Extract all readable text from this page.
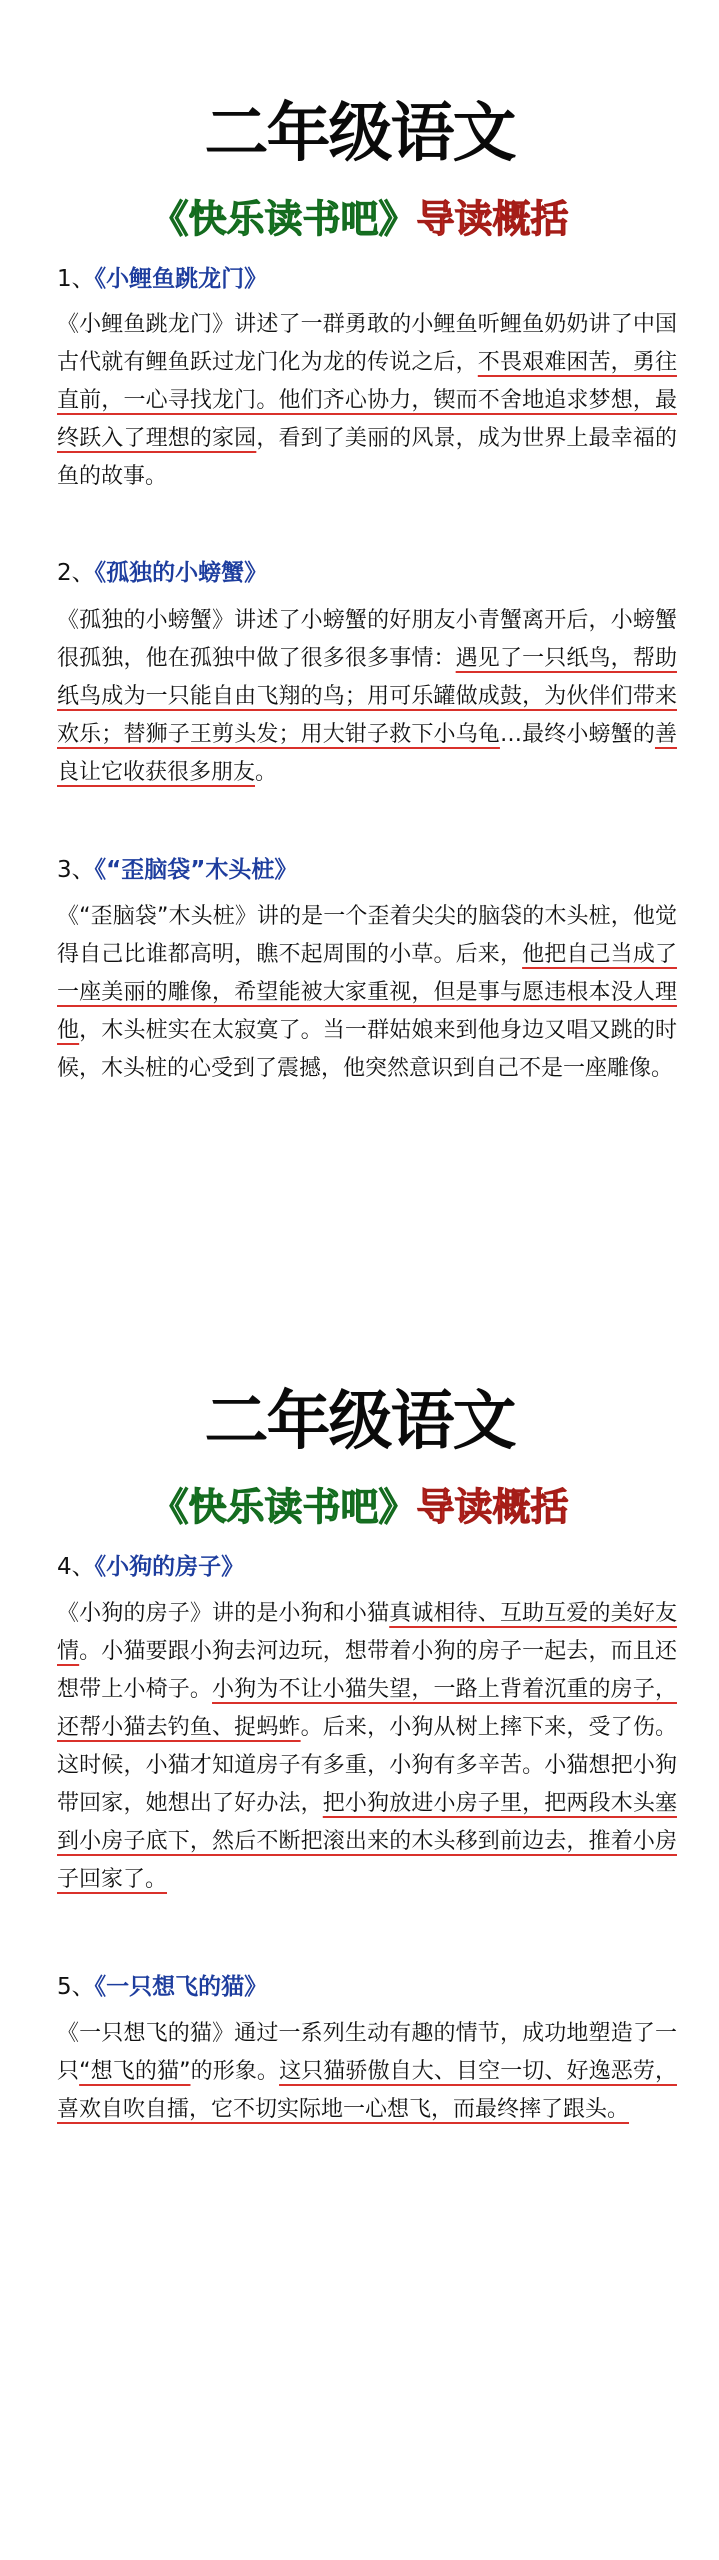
二年级语文
《快乐读书吧》导读概括
1、《小鲤鱼跳龙门》
《小鲤鱼跳龙门》讲述了一群勇敢的小鲤鱼听鲤鱼奶奶讲了中国古代就有鲤鱼跃过龙门化为龙的传说之后，不畏艰难困苦，勇往直前，一心寻找龙门。他们齐心协力，锲而不舍地追求梦想，最终跃入了理想的家园，看到了美丽的风景，成为世界上最幸福的鱼的故事。
2、《孤独的小螃蟹》
《孤独的小螃蟹》讲述了小螃蟹的好朋友小青蟹离开后，小螃蟹很孤独，他在孤独中做了很多很多事情：遇见了一只纸鸟，帮助纸鸟成为一只能自由飞翔的鸟；用可乐罐做成鼓，为伙伴们带来欢乐；替狮子王剪头发；用大钳子救下小乌龟…最终小螃蟹的善良让它收获很多朋友。
3、《“歪脑袋”木头桩》
《“歪脑袋”木头桩》讲的是一个歪着尖尖的脑袋的木头桩，他觉得自己比谁都高明，瞧不起周围的小草。后来，他把自己当成了一座美丽的雕像，希望能被大家重视，但是事与愿违根本没人理他，木头桩实在太寂寞了。当一群姑娘来到他身边又唱又跳的时候，木头桩的心受到了震撼，他突然意识到自己不是一座雕像。
二年级语文
《快乐读书吧》导读概括
4、《小狗的房子》
《小狗的房子》讲的是小狗和小猫真诚相待、互助互爱的美好友情。小猫要跟小狗去河边玩，想带着小狗的房子一起去，而且还想带上小椅子。小狗为不让小猫失望，一路上背着沉重的房子，还帮小猫去钓鱼、捉蚂蚱。后来，小狗从树上摔下来，受了伤。这时候，小猫才知道房子有多重，小狗有多辛苦。小猫想把小狗带回家，她想出了好办法，把小狗放进小房子里，把两段木头塞到小房子底下，然后不断把滚出来的木头移到前边去，推着小房子回家了。
5、《一只想飞的猫》
《一只想飞的猫》通过一系列生动有趣的情节，成功地塑造了一只“想飞的猫”的形象。这只猫骄傲自大、目空一切、好逸恶劳，喜欢自吹自擂，它不切实际地一心想飞，而最终摔了跟头。
